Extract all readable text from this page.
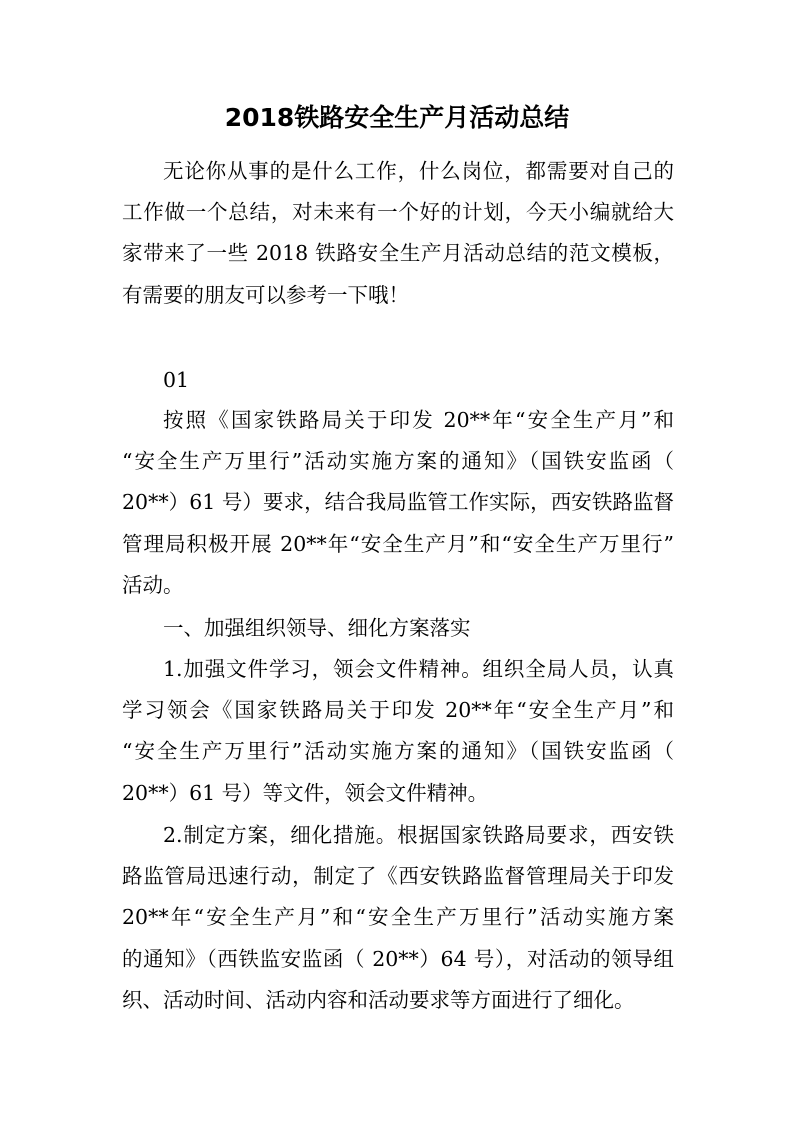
2018铁路安全生产月活动总结
无论你从事的是什么工作，什么岗位，都需要对自己的
工作做一个总结，对未来有一个好的计划，今天小编就给大
家带来了一些 2018 铁路安全生产月活动总结的范文模板，
有需要的朋友可以参考一下哦！
01
按照《国家铁路局关于印发 20**年“安全生产月”和
“安全生产万里行”活动实施方案的通知》（国铁安监函（
20**）61 号）要求，结合我局监管工作实际，西安铁路监督
管理局积极开展 20**年“安全生产月”和“安全生产万里行”
活动。
一、加强组织领导、细化方案落实
1.加强文件学习，领会文件精神。组织全局人员，认真
学习领会《国家铁路局关于印发 20**年“安全生产月”和
“安全生产万里行”活动实施方案的通知》（国铁安监函（
20**）61 号）等文件，领会文件精神。
2.制定方案，细化措施。根据国家铁路局要求，西安铁
路监管局迅速行动，制定了《西安铁路监督管理局关于印发
20**年“安全生产月”和“安全生产万里行”活动实施方案
的通知》（西铁监安监函（ 20**）64 号），对活动的领导组
织、活动时间、活动内容和活动要求等方面进行了细化。
